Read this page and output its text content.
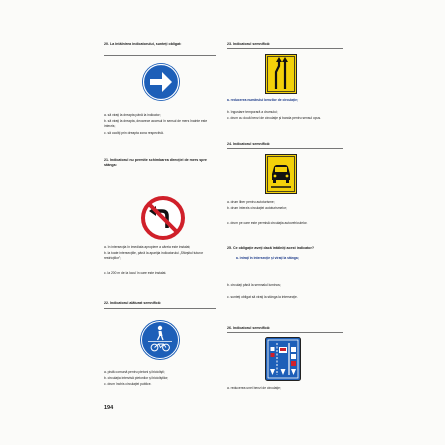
20. La întâlnirea indicatorului, sunteţi obligat:
a. să viraţi la dreapta până la indicator;
b. să viraţi la dreapta, deoarece accesul în sensul de mers înainte este interzis;
c. să ocoliţi prin dreapta zona respectivă.
21. Indicatorul nu permite schimbarea direcţiei de mers spre stânga:
a. în intersecţia în imediata apropiere a căreia este instalat;
b. la toate intersecţiile, până la apariţia indicatorului „Sfârşitul tuturor restricţiilor”;
c. la 200 m de la locul în care este instalat.
22. Indicatorul alăturat semnifică:
a. pistă comună pentru pietoni şi biciclişti;
b. circulaţia interzisă pietonilor şi bicicliştilor;
c. drum închis circulaţiei publice.
194
23. Indicatorul semnifică:
a. reducerea numărului benzilor de circulaţie;
b. îngustare temporară a drumului;
c. drum cu două benzi de circulaţie şi banda pentru sensul opus.
24. Indicatorul semnifică:
a. drum liber pentru autoturisme;
b. drum interzis circulaţiei autoturismelor;
c. drum pe care este permisă circulaţia autovehiculelor.
25. Ce obligaţie aveţi dacă întâlniţi acest indicator?
a. intraţi în intersecţie şi viraţi la stânga;
b. circulaţi până la semnalul luminos;
c. sunteţi obligat să viraţi la stânga la intersecţie.
26. Indicatorul semnifică:
a. reducerea unei benzi de circulaţie;
